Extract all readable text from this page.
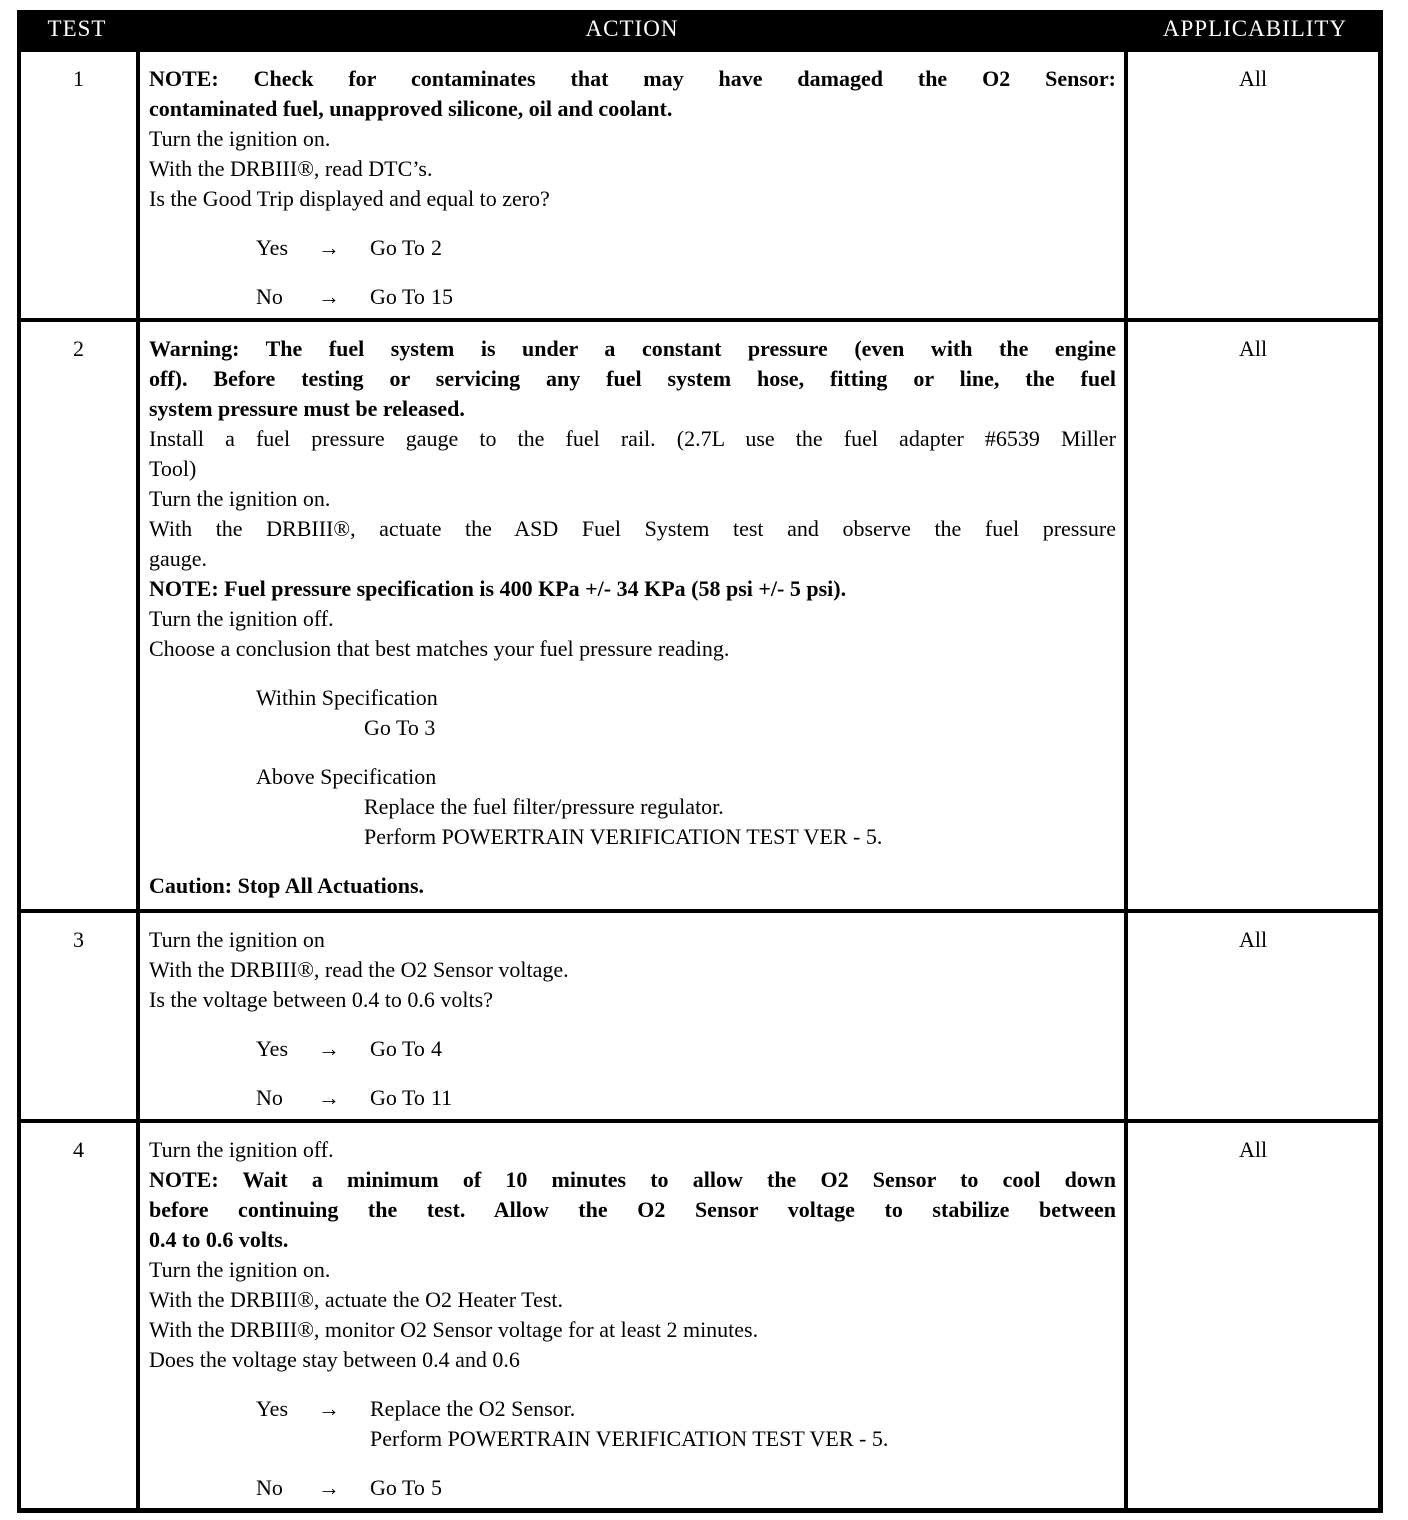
TEST	ACTION	APPLICABILITY
1	NOTE: Check for contaminates that may have damaged the O2 Sensor:
contaminated fuel, unapproved silicone, oil and coolant.
Turn the ignition on.
With the DRBIII®, read DTC’s.
Is the Good Trip displayed and equal to zero?
Yes	→	Go To 2
No	→	Go To 15
All
2	Warning: The fuel system is under a constant pressure (even with the engine
off). Before testing or servicing any fuel system hose, fitting or line, the fuel
system pressure must be released.
Install a fuel pressure gauge to the fuel rail. (2.7L use the fuel adapter #6539 Miller
Tool)
Turn the ignition on.
With the DRBIII®, actuate the ASD Fuel System test and observe the fuel pressure
gauge.
NOTE: Fuel pressure specification is 400 KPa +/- 34 KPa (58 psi +/- 5 psi).
Turn the ignition off.
Choose a conclusion that best matches your fuel pressure reading.
Within Specification
Go To 3
Above Specification
Replace the fuel filter/pressure regulator.
Perform POWERTRAIN VERIFICATION TEST VER - 5.
Caution: Stop All Actuations.
All
3	Turn the ignition on
With the DRBIII®, read the O2 Sensor voltage.
Is the voltage between 0.4 to 0.6 volts?
Yes	→	Go To 4
No	→	Go To 11
All
4	Turn the ignition off.
NOTE: Wait a minimum of 10 minutes to allow the O2 Sensor to cool down
before continuing the test. Allow the O2 Sensor voltage to stabilize between
0.4 to 0.6 volts.
Turn the ignition on.
With the DRBIII®, actuate the O2 Heater Test.
With the DRBIII®, monitor O2 Sensor voltage for at least 2 minutes.
Does the voltage stay between 0.4 and 0.6
Yes	→	Replace the O2 Sensor.
Perform POWERTRAIN VERIFICATION TEST VER - 5.
No	→	Go To 5
All
